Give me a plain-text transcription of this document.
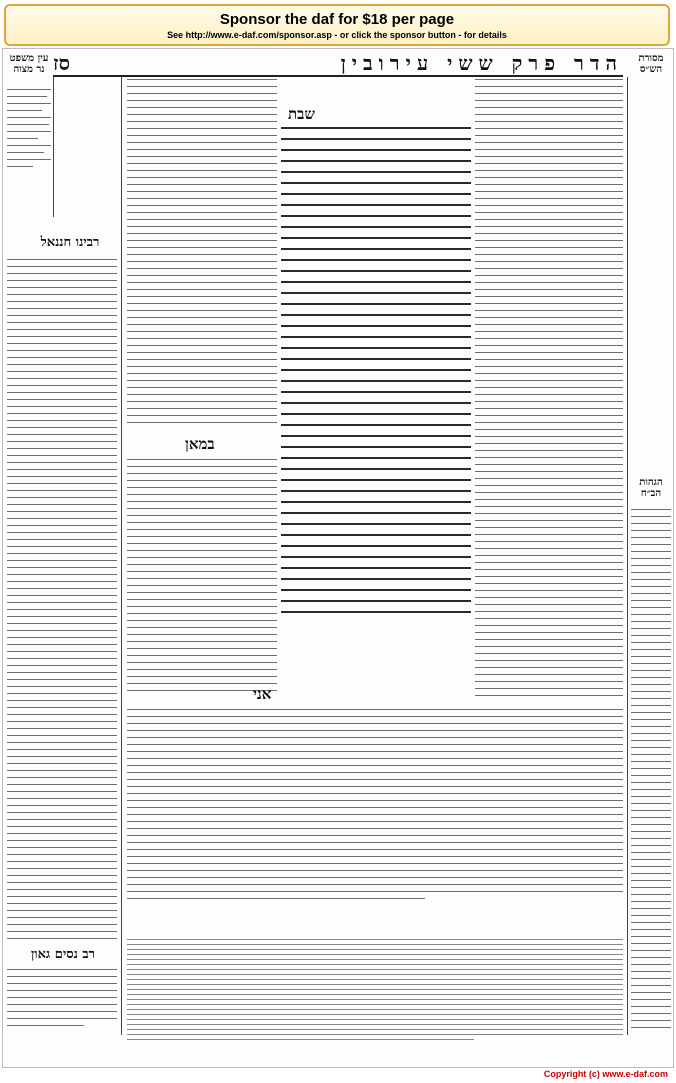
Sponsor the daf for $18 per page
See http://www.e-daf.com/sponsor.asp - or click the sponsor button - for details
סז	הדר פרק ששי עירובין
עין משפט נר מצוה
רבינו חננאל
רב נסים גאון
מסורת הש״ס
הגהות הב״ח
במאן
אני
שבת
Copyright (c) www.e-daf.com
